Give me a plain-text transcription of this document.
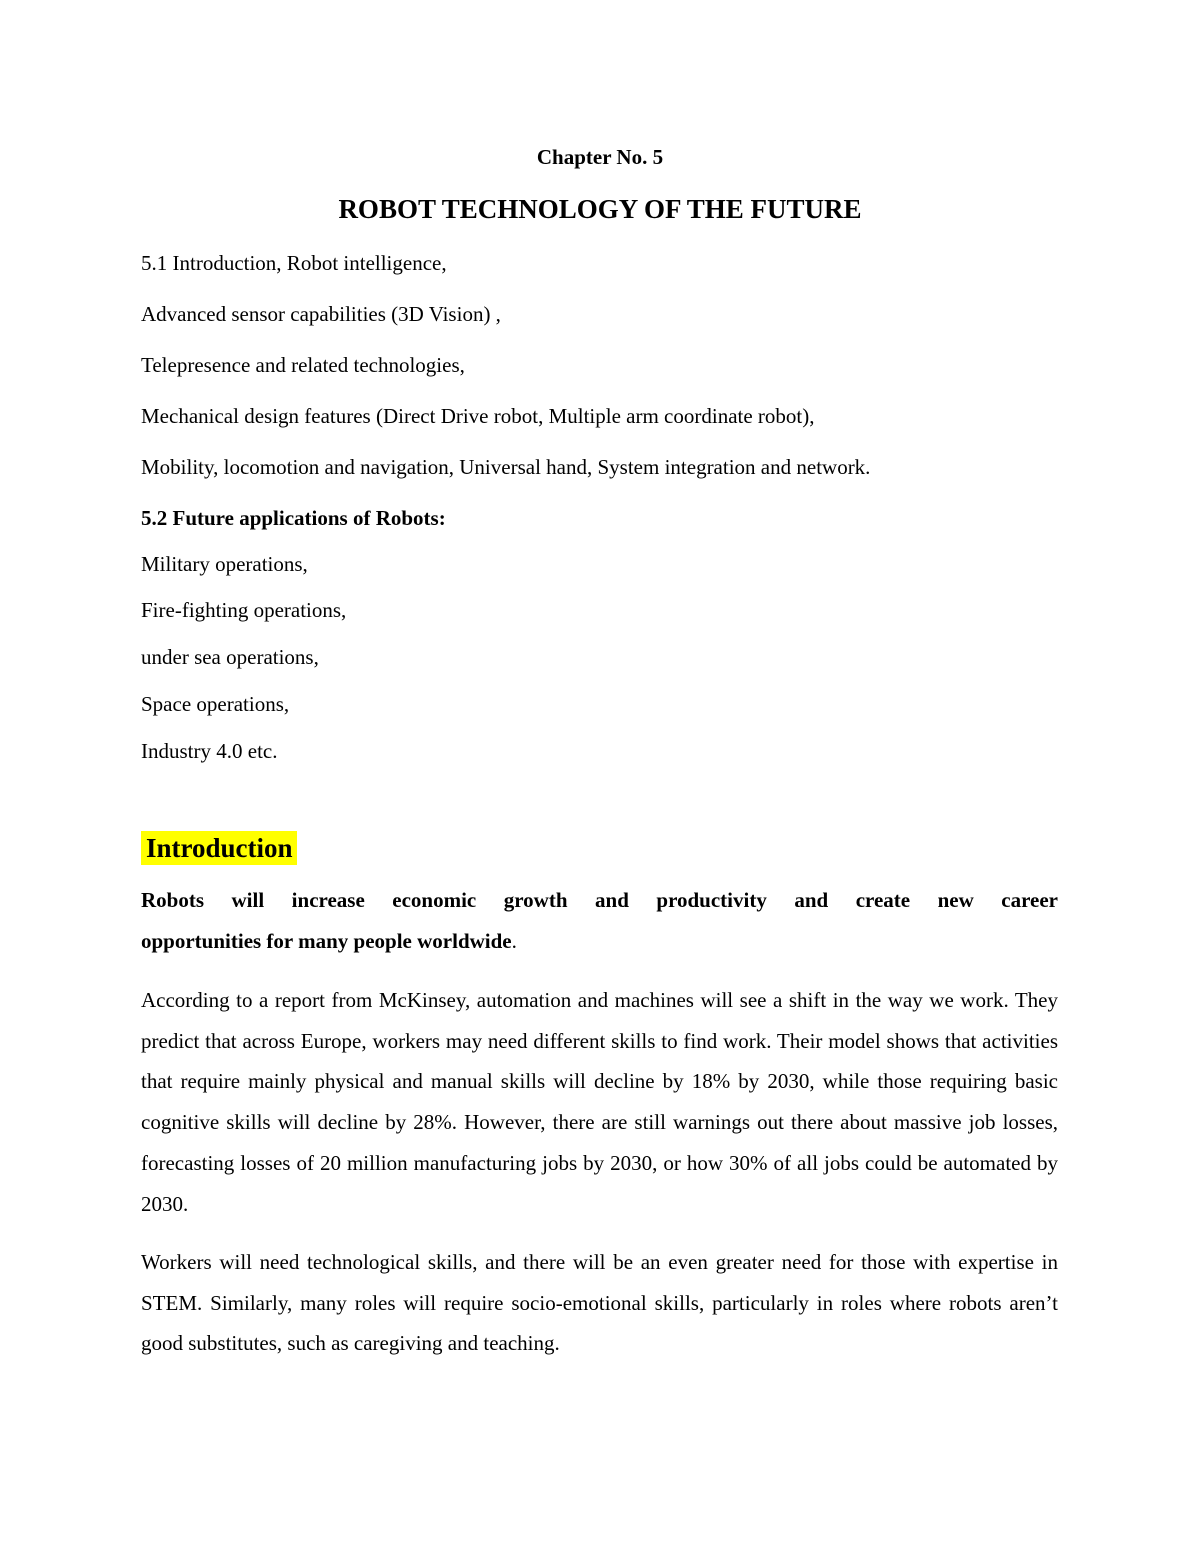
Chapter No. 5

ROBOT TECHNOLOGY OF THE FUTURE

5.1 Introduction, Robot intelligence,

Advanced sensor capabilities (3D Vision) ,

Telepresence and related technologies,

Mechanical design features (Direct Drive robot, Multiple arm coordinate robot),

Mobility, locomotion and navigation, Universal hand, System integration and network.

5.2 Future applications of Robots:

Military operations,

Fire-fighting operations,

under sea operations,

Space operations,

Industry 4.0 etc.

Introduction
Robots will increase economic growth and productivity and create new career
opportunities for many people worldwide.

According to a report from McKinsey, automation and machines will see a shift in the way we work. They predict that across Europe, workers may need different skills to find work. Their model shows that activities that require mainly physical and manual skills will decline by 18% by 2030, while those requiring basic cognitive skills will decline by 28%. However, there are still warnings out there about massive job losses, forecasting losses of 20 million manufacturing jobs by 2030, or how 30% of all jobs could be automated by 2030.

Workers will need technological skills, and there will be an even greater need for those with expertise in STEM. Similarly, many roles will require socio-emotional skills, particularly in roles where robots aren’t good substitutes, such as caregiving and teaching.
